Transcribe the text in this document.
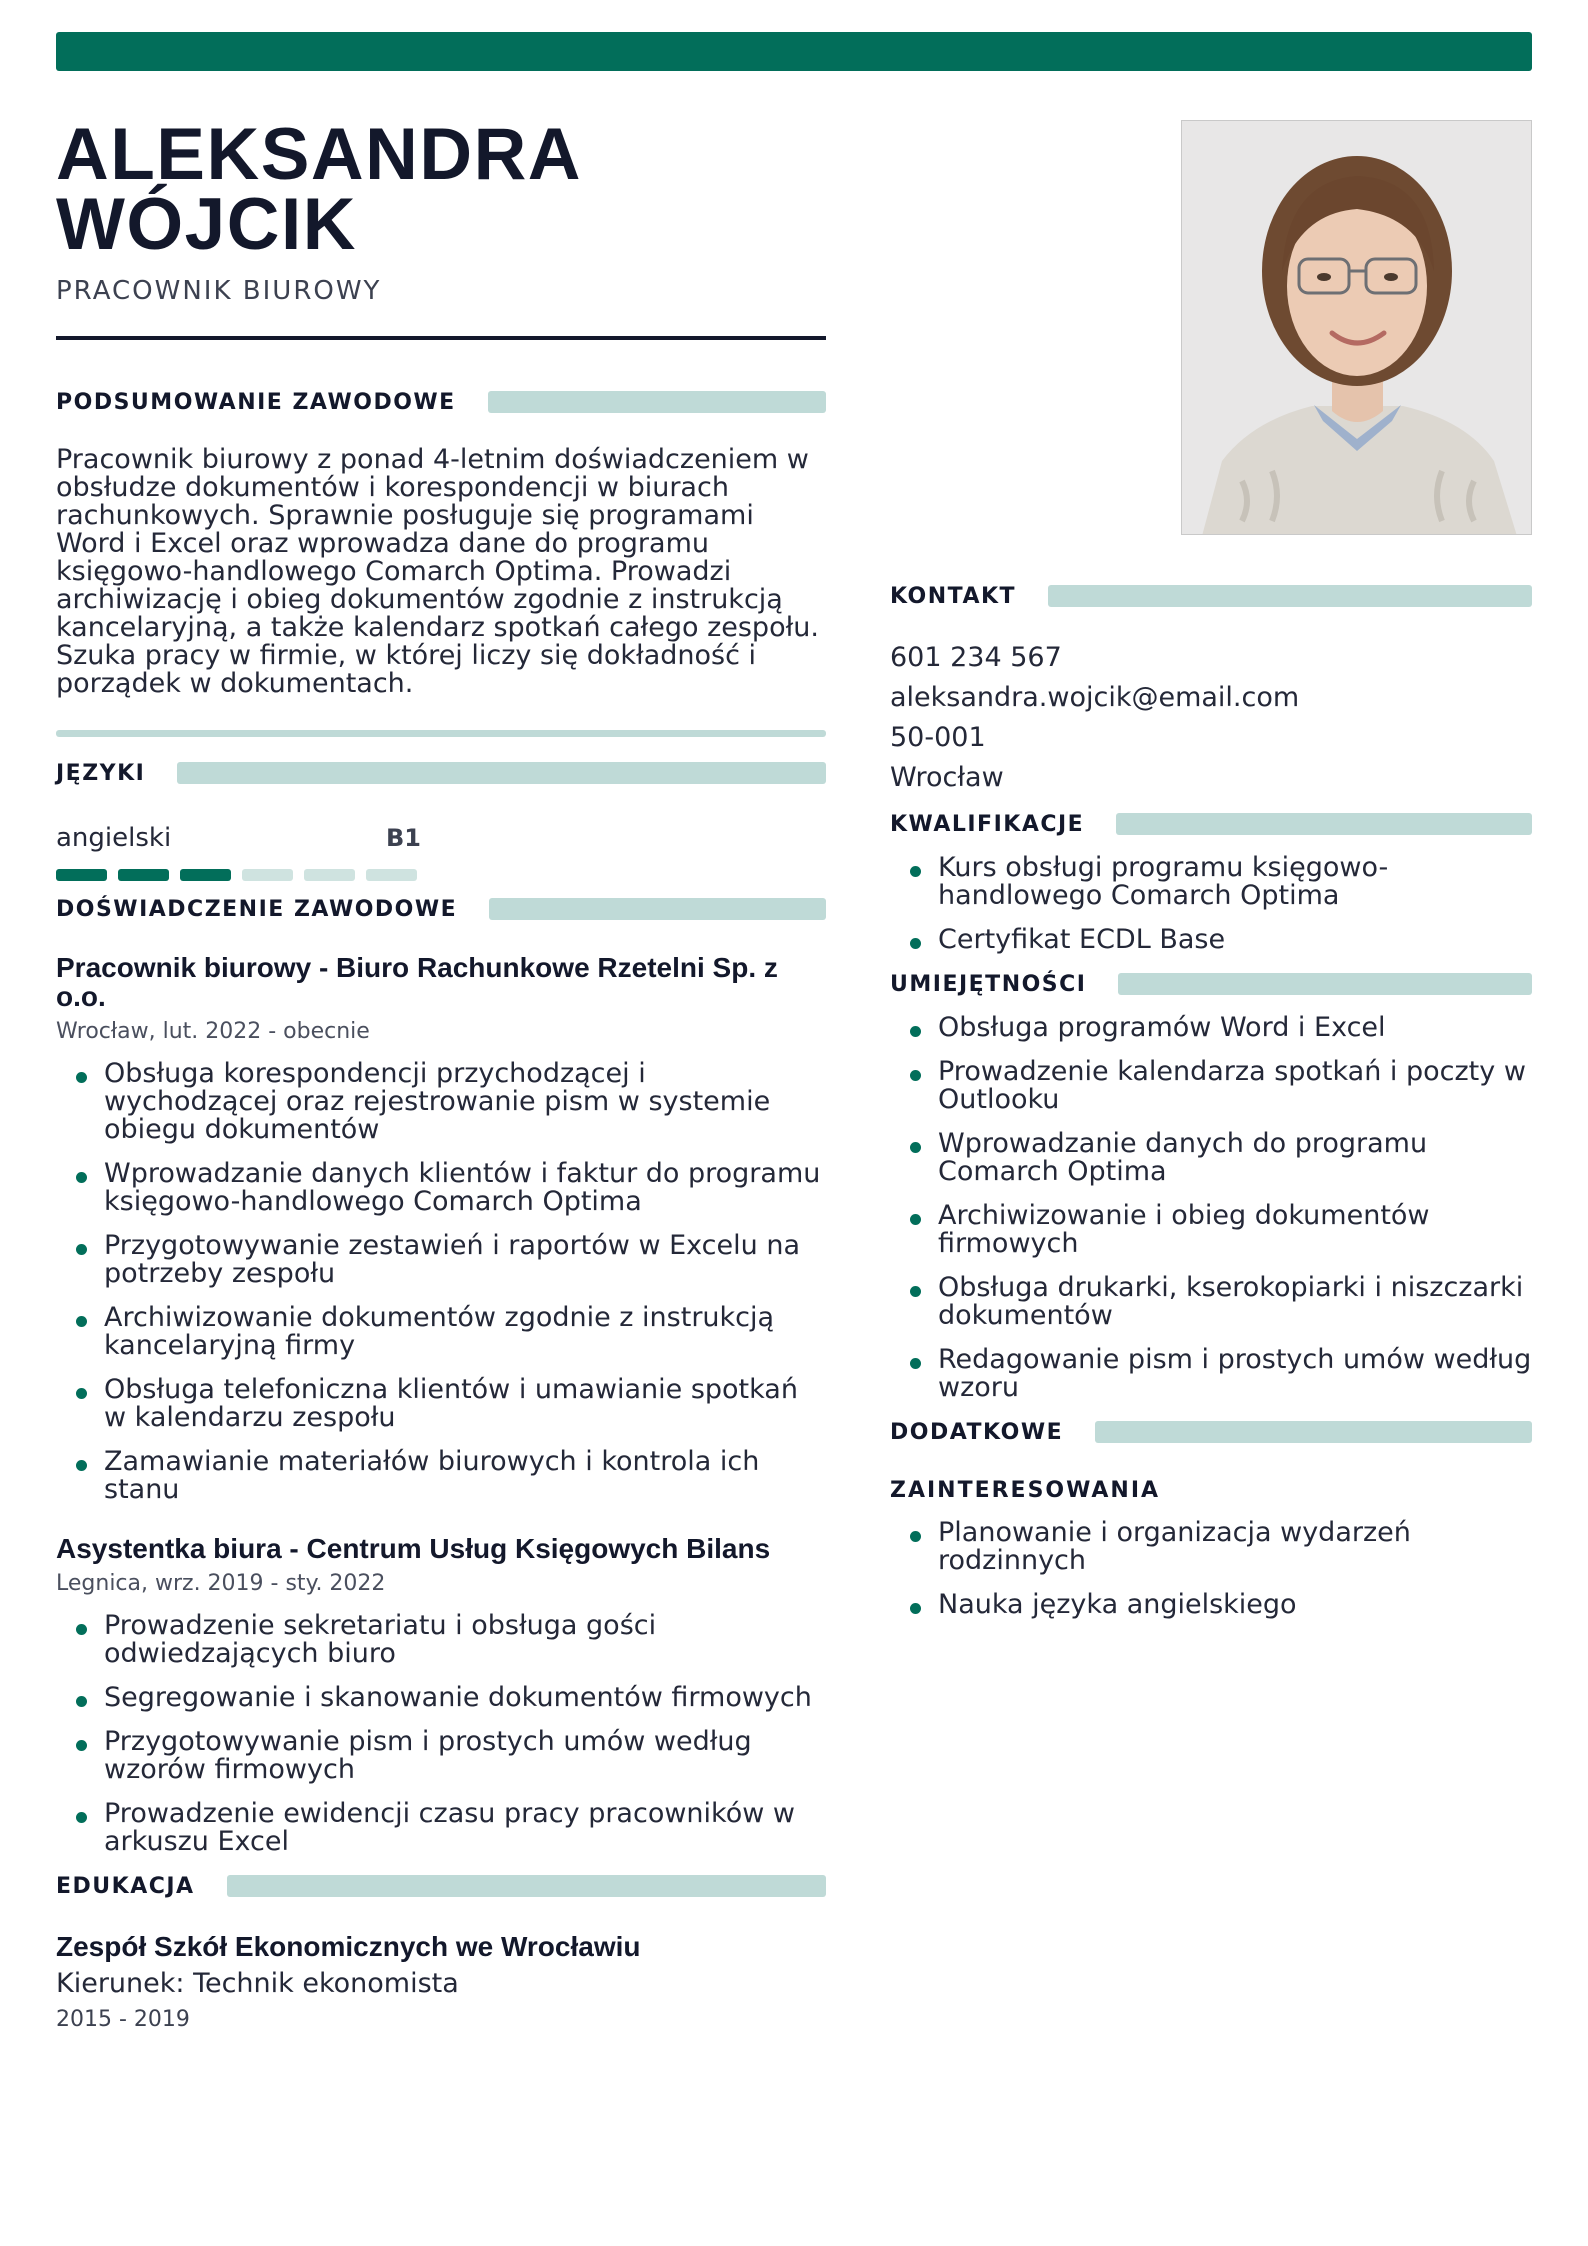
ALEKSANDRA
WÓJCIK
PRACOWNIK BIUROWY
PODSUMOWANIE ZAWODOWE
Pracownik biurowy z ponad 4-letnim doświadczeniem w obsłudze dokumentów i korespondencji w biurach rachunkowych. Sprawnie posługuje się programami Word i Excel oraz wprowadza dane do programu księgowo-handlowego Comarch Optima. Prowadzi archiwizację i obieg dokumentów zgodnie z instrukcją kancelaryjną, a także kalendarz spotkań całego zespołu. Szuka pracy w firmie, w której liczy się dokładność i porządek w dokumentach.
JĘZYKI
angielski	B1
DOŚWIADCZENIE ZAWODOWE
Pracownik biurowy - Biuro Rachunkowe Rzetelni Sp. z o.o.
Wrocław, lut. 2022 - obecnie
Obsługa korespondencji przychodzącej i wychodzącej oraz rejestrowanie pism w systemie obiegu dokumentów
Wprowadzanie danych klientów i faktur do programu księgowo-handlowego Comarch Optima
Przygotowywanie zestawień i raportów w Excelu na potrzeby zespołu
Archiwizowanie dokumentów zgodnie z instrukcją kancelaryjną firmy
Obsługa telefoniczna klientów i umawianie spotkań w kalendarzu zespołu
Zamawianie materiałów biurowych i kontrola ich stanu
Asystentka biura - Centrum Usług Księgowych Bilans
Legnica, wrz. 2019 - sty. 2022
Prowadzenie sekretariatu i obsługa gości odwiedzających biuro
Segregowanie i skanowanie dokumentów firmowych
Przygotowywanie pism i prostych umów według wzorów firmowych
Prowadzenie ewidencji czasu pracy pracowników w arkuszu Excel
EDUKACJA
Zespół Szkół Ekonomicznych we Wrocławiu
Kierunek: Technik ekonomista
2015 - 2019
KONTAKT
601 234 567
aleksandra.wojcik@email.com
50-001
Wrocław
KWALIFIKACJE
Kurs obsługi programu księgowo-handlowego Comarch Optima
Certyfikat ECDL Base
UMIEJĘTNOŚCI
Obsługa programów Word i Excel
Prowadzenie kalendarza spotkań i poczty w Outlooku
Wprowadzanie danych do programu Comarch Optima
Archiwizowanie i obieg dokumentów firmowych
Obsługa drukarki, kserokopiarki i niszczarki dokumentów
Redagowanie pism i prostych umów według wzoru
DODATKOWE
ZAINTERESOWANIA
Planowanie i organizacja wydarzeń rodzinnych
Nauka języka angielskiego
